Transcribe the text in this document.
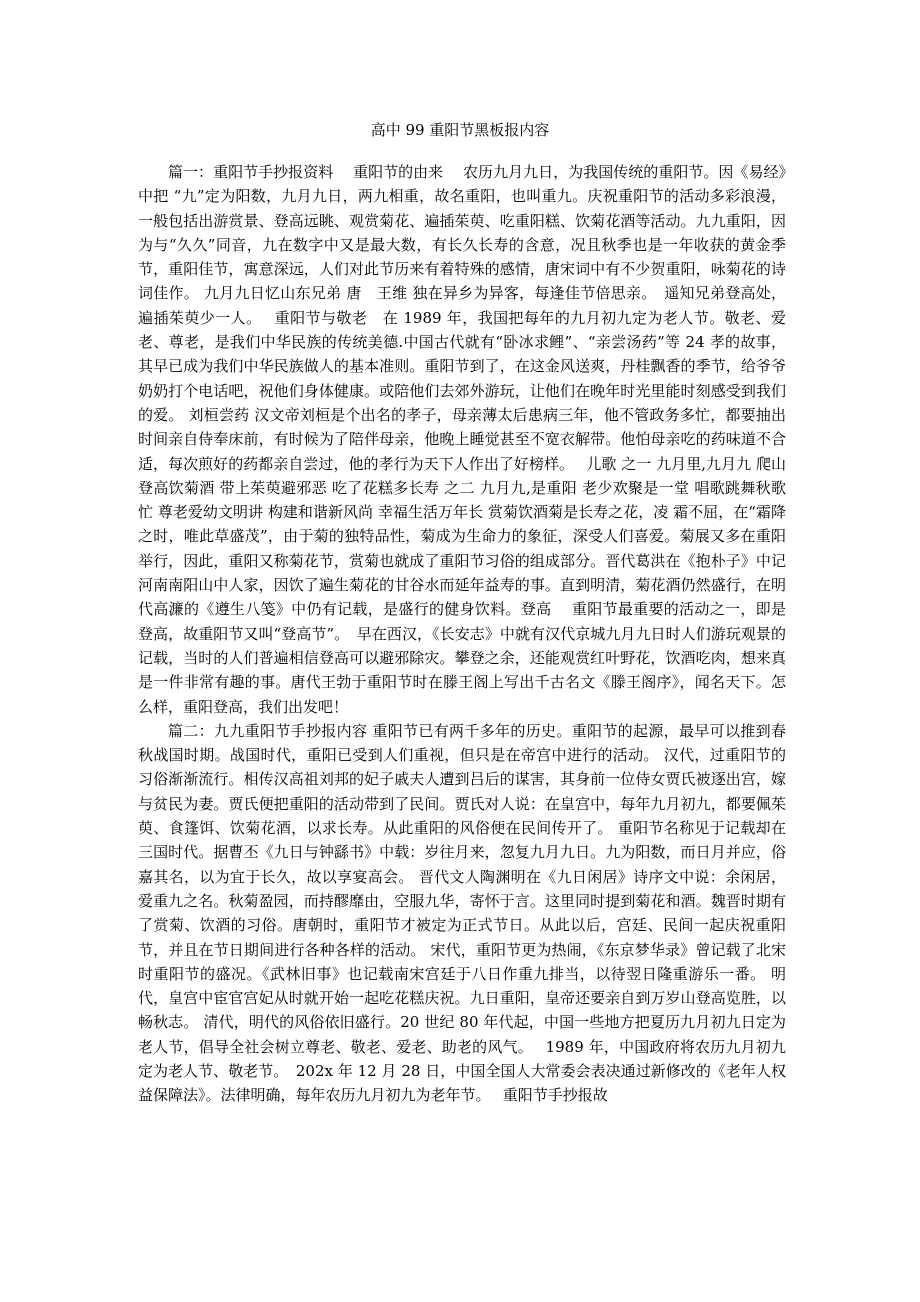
高中 99 重阳节黑板报内容

篇一：重阳节手抄报资料　 重阳节的由来　 农历九月九日，为我国传统的重阳节。因《易经》中把 “九”定为阳数，九月九日，两九相重，故名重阳，也叫重九。庆祝重阳节的活动多彩浪漫，一般包括出游赏景、登高远眺、观赏菊花、遍插茱萸、吃重阳糕、饮菊花酒等活动。九九重阳，因为与“久久”同音，九在数字中又是最大数，有长久长寿的含意，况且秋季也是一年收获的黄金季节，重阳佳节，寓意深远，人们对此节历来有着特殊的感情，唐宋词中有不少贺重阳，咏菊花的诗词佳作。 九月九日忆山东兄弟 唐　王维 独在异乡为异客，每逢佳节倍思亲。　遥知兄弟登高处，遍插茱萸少一人。　 重阳节与敬老　在 1989 年，我国把每年的九月初九定为老人节。敬老、爱老、尊老，是我们中华民族的传统美德.中国古代就有“卧冰求鲤”、“亲尝汤药”等 24 孝的故事，其早已成为我们中华民族做人的基本准则。重阳节到了，在这金风送爽，丹桂飘香的季节，给爷爷奶奶打个电话吧，祝他们身体健康。或陪他们去郊外游玩，让他们在晚年时光里能时刻感受到我们的爱。 刘桓尝药 汉文帝刘桓是个出名的孝子，母亲薄太后患病三年，他不管政务多忙，都要抽出时间亲自侍奉床前，有时候为了陪伴母亲，他晚上睡觉甚至不宽衣解带。他怕母亲吃的药味道不合适，每次煎好的药都亲自尝过，他的孝行为天下人作出了好榜样。　 儿歌 之一 九月里,九月九 爬山登高饮菊酒 带上茱萸避邪恶 吃了花糕多长寿 之二 九月九,是重阳 老少欢聚是一堂 唱歌跳舞秋歌忙 尊老爱幼文明讲 构建和谐新风尚 幸福生活万年长 赏菊饮酒菊是长寿之花，凌 霜不屈，在“霜降之时，唯此草盛茂”，由于菊的独特品性，菊成为生命力的象征，深受人们喜爱。菊展又多在重阳举行，因此，重阳又称菊花节，赏菊也就成了重阳节习俗的组成部分。晋代葛洪在《抱朴子》中记河南南阳山中人家，因饮了遍生菊花的甘谷水而延年益寿的事。直到明清，菊花酒仍然盛行，在明代高濂的《遵生八笺》中仍有记载，是盛行的健身饮料。登高　 重阳节最重要的活动之一，即是登高，故重阳节又叫“登高节”。　早在西汉，《长安志》中就有汉代京城九月九日时人们游玩观景的记载，当时的人们普遍相信登高可以避邪除灾。攀登之余，还能观赏红叶野花，饮酒吃肉，想来真是一件非常有趣的事。唐代王勃于重阳节时在滕王阁上写出千古名文《滕王阁序》，闻名天下。怎么样，重阳登高，我们出发吧！

篇二：九九重阳节手抄报内容 重阳节已有两千多年的历史。重阳节的起源，最早可以推到春秋战国时期。战国时代，重阳已受到人们重视，但只是在帝宫中进行的活动。 汉代，过重阳节的习俗渐渐流行。相传汉高祖刘邦的妃子戚夫人遭到吕后的谋害，其身前一位侍女贾氏被逐出宫，嫁与贫民为妻。贾氏便把重阳的活动带到了民间。贾氏对人说：在皇宫中，每年九月初九，都要佩茱萸、食篷饵、饮菊花酒，以求长寿。从此重阳的风俗便在民间传开了。 重阳节名称见于记载却在三国时代。据曹丕《九日与钟繇书》中载：岁往月来，忽复九月九日。九为阳数，而日月并应，俗嘉其名，以为宜于长久，故以享宴高会。 晋代文人陶渊明在《九日闲居》诗序文中说：余闲居，爱重九之名。秋菊盈园，而持醪靡由，空服九华，寄怀于言。这里同时提到菊花和酒。魏晋时期有了赏菊、饮酒的习俗。唐朝时，重阳节才被定为正式节日。从此以后，宫廷、民间一起庆祝重阳节，并且在节日期间进行各种各样的活动。 宋代，重阳节更为热闹，《东京梦华录》曾记载了北宋时重阳节的盛况。《武林旧事》也记载南宋宫廷于八日作重九排当，以待翌日隆重游乐一番。 明代，皇宫中宦官宫妃从时就开始一起吃花糕庆祝。九日重阳，皇帝还要亲自到万岁山登高览胜，以畅秋志。 清代，明代的风俗依旧盛行。20 世纪 80 年代起，中国一些地方把夏历九月初九日定为老人节，倡导全社会树立尊老、敬老、爱老、助老的风气。　 1989 年，中国政府将农历九月初九定为老人节、敬老节。　202x 年 12 月 28 日，中国全国人大常委会表决通过新修改的《老年人权益保障法》。法律明确，每年农历九月初九为老年节。　 重阳节手抄报故
